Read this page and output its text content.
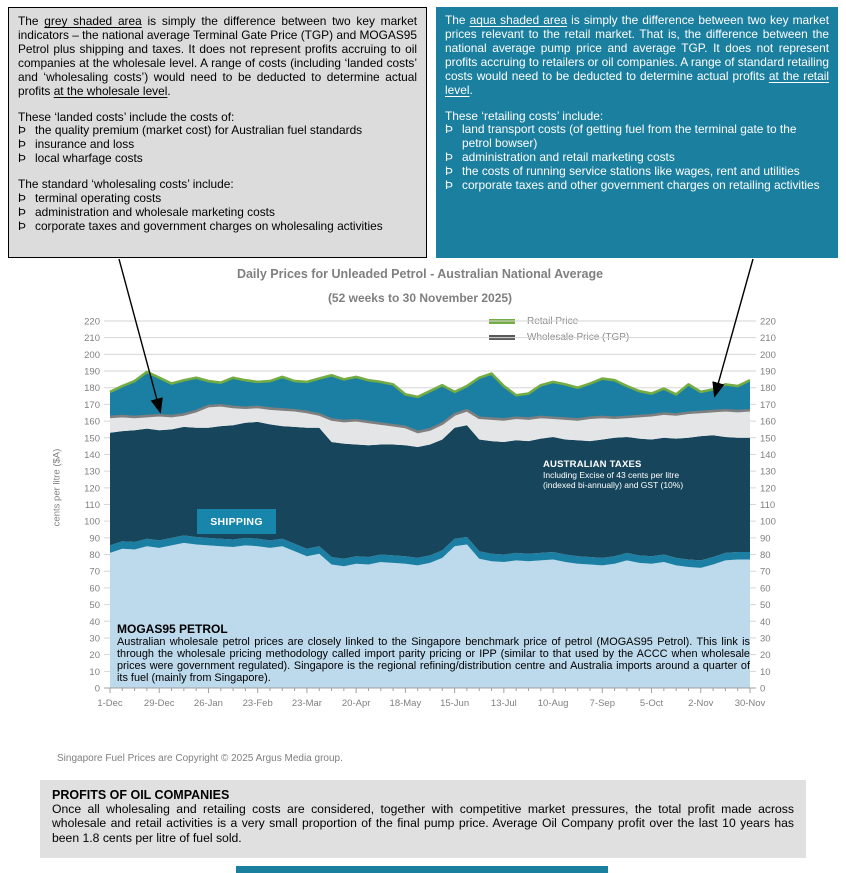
The grey shaded area is simply the difference between two key market indicators – the national average Terminal Gate Price (TGP) and MOGAS95 Petrol plus shipping and taxes. It does not represent profits accruing to oil companies at the wholesale level. A range of costs (including ‘landed costs’ and ‘wholesaling costs’) would need to be deducted to determine actual profits at the wholesale level.
These ‘landed costs’ include the costs of:
Þ the quality premium (market cost) for Australian fuel standards
Þ insurance and loss
Þ local wharfage costs
The standard ‘wholesaling costs’ include:
Þ terminal operating costs
Þ administration and wholesale marketing costs
Þ corporate taxes and government charges on wholesaling activities
The aqua shaded area is simply the difference between two key market prices relevant to the retail market. That is, the difference between the national average pump price and average TGP. It does not represent profits accruing to retailers or oil companies. A range of standard retailing costs would need to be deducted to determine actual profits at the retail level.
These ‘retailing costs’ include:
Þ land transport costs (of getting fuel from the terminal gate to the petrol bowser)
Þ administration and retail marketing costs
Þ the costs of running service stations like wages, rent and utilities
Þ corporate taxes and other government charges on retailing activities
Daily Prices for Unleaded Petrol - Australian National Average
(52 weeks to 30 November 2025)
Retail Price
Wholesale Price (TGP)
cents per litre ($A)
0	0
10	10
20	20
30	30
40	40
50	50
60	60
70	70
80	80
90	90
100	100
110	110
120	120
130	130
140	140
150	150
160	160
170	170
180	180
190	190
200	200
210	210
220	220
1-Dec 29-Dec 26-Jan 23-Feb 23-Mar 20-Apr 18-May 15-Jun 13-Jul 10-Aug 7-Sep	5-Oct	2-Nov 30-Nov
SHIPPING
AUSTRALIAN TAXES
Including Excise of 43 cents per litre
(indexed bi-annually) and GST (10%)
MOGAS95 PETROL
Australian wholesale petrol prices are closely linked to the Singapore benchmark price of petrol (MOGAS95 Petrol). This link is through the wholesale pricing methodology called import parity pricing or IPP (similar to that used by the ACCC when wholesale prices were government regulated). Singapore is the regional refining/distribution centre and Australia imports around a quarter of its fuel (mainly from Singapore).
Singapore Fuel Prices are Copyright © 2025 Argus Media group.
PROFITS OF OIL COMPANIES
Once all wholesaling and retailing costs are considered, together with competitive market pressures, the total profit made across wholesale and retail activities is a very small proportion of the final pump price. Average Oil Company profit over the last 10 years has been 1.8 cents per litre of fuel sold.
